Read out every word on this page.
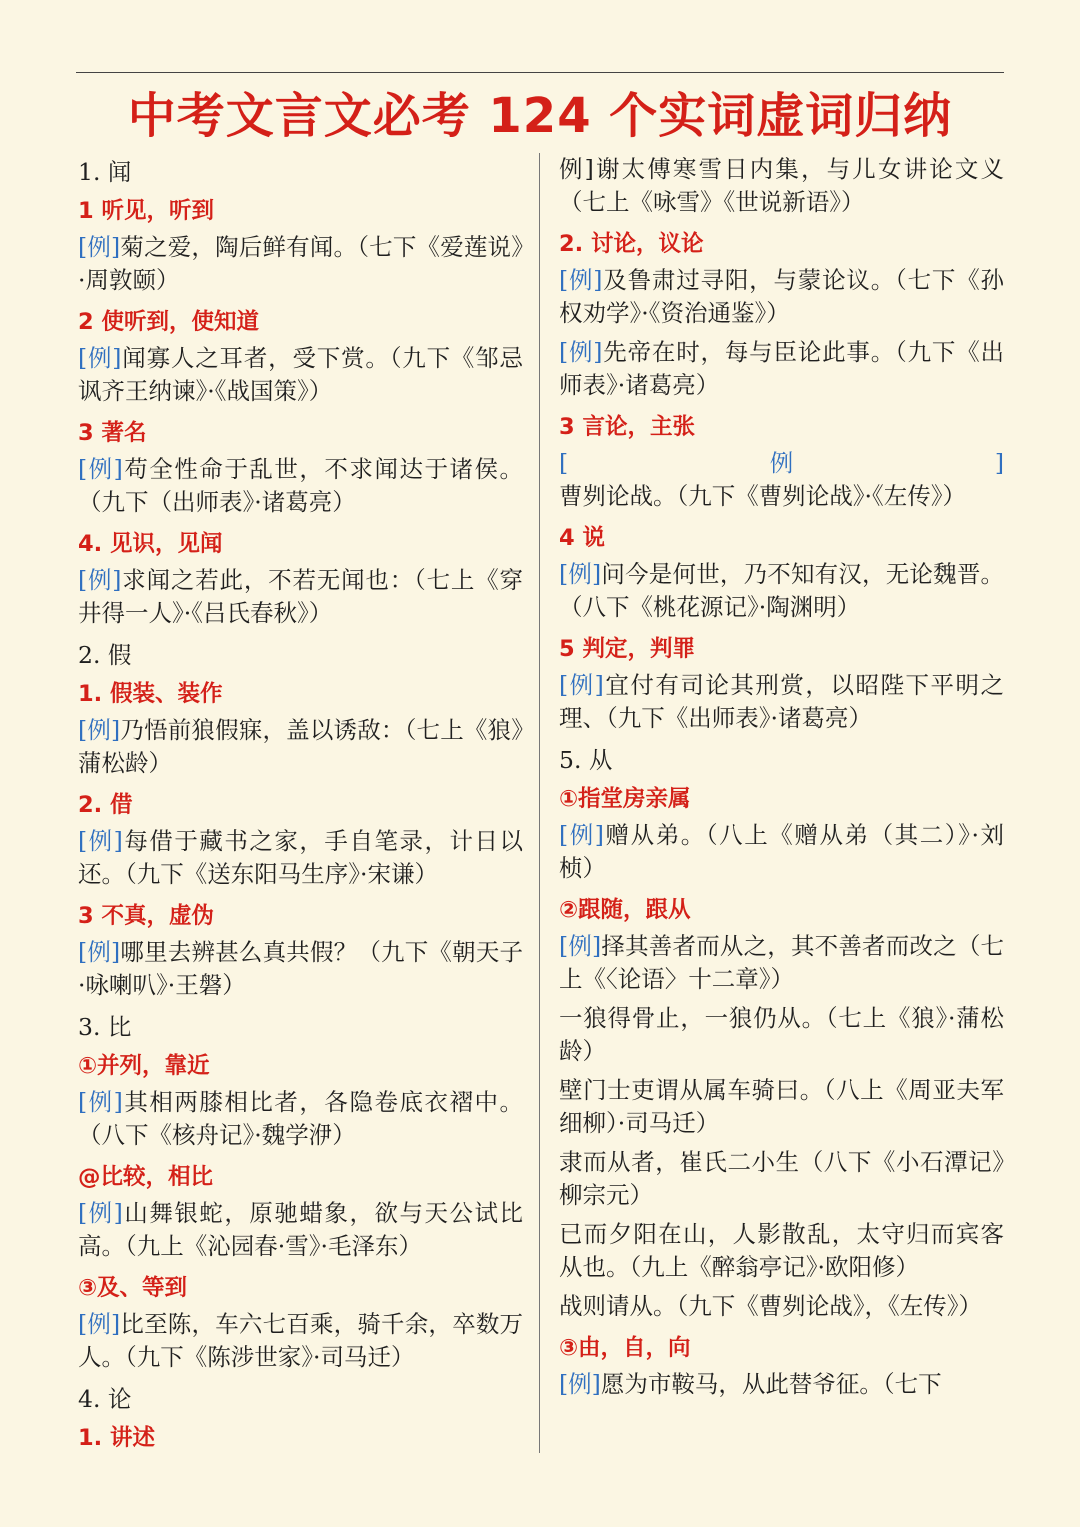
中考文言文必考 124 个实词虚词归纳
1. 闻
1 听见，听到
[例]菊之爱，陶后鲜有闻。（七下《爱莲说》·周敦颐）
2 使听到，使知道
[例]闻寡人之耳者，受下赏。（九下《邹忌讽齐王纳谏》·《战国策》）
3 著名
[例]苟全性命于乱世，不求闻达于诸侯。（九下（出师表》·诸葛亮）
4. 见识，见闻
[例]求闻之若此，不若无闻也：（七上《穿井得一人》·《吕氏春秋》）
2. 假
1. 假装、装作
[例]乃悟前狼假寐，盖以诱敌：（七上《狼》蒲松龄）
2. 借
[例]每借于藏书之家，手自笔录，计日以还。（九下《送东阳马生序》·宋谦）
3 不真，虚伪
[例]哪里去辨甚么真共假？（九下《朝天子·咏喇叭》·王磐）
3. 比
①并列，靠近
[例]其相两膝相比者，各隐卷底衣褶中。（八下《核舟记》·魏学洢）
@比较，相比
[例]山舞银蛇，原驰蜡象，欲与天公试比高。（九上《沁园春·雪》·毛泽东）
③及、等到
[例]比至陈，车六七百乘，骑千余，卒数万人。（九下《陈涉世家》·司马迁）
4. 论
1. 讲述
例]谢太傅寒雪日内集，与儿女讲论文义（七上《咏雪》《世说新语》）
2. 讨论，议论
[例]及鲁肃过寻阳，与蒙论议。（七下《孙权劝学》·《资治通鉴》）
[例]先帝在时，每与臣论此事。（九下《出师表》·诸葛亮）
3 言论，主张
[例]曹刿论战。（九下《曹刿论战》·《左传》）
4 说
[例]问今是何世，乃不知有汉，无论魏晋。（八下《桃花源记》·陶渊明）
5 判定，判罪
[例]宜付有司论其刑赏，以昭陛下平明之理、（九下《出师表》·诸葛亮）
5. 从
①指堂房亲属
[例]赠从弟。（八上《赠从弟（其二）》·刘桢）
②跟随，跟从
[例]择其善者而从之，其不善者而改之（七上《〈论语〉十二章》）
一狼得骨止，一狼仍从。（七上《狼》·蒲松龄）
壁门士吏谓从属车骑曰。（八上《周亚夫军细柳）·司马迁）
隶而从者，崔氏二小生（八下《小石潭记》柳宗元）
已而夕阳在山，人影散乱，太守归而宾客从也。（九上《醉翁亭记》·欧阳修）
战则请从。（九下《曹刿论战》，《左传》）
③由，自，向
[例]愿为市鞍马，从此替爷征。（七下
